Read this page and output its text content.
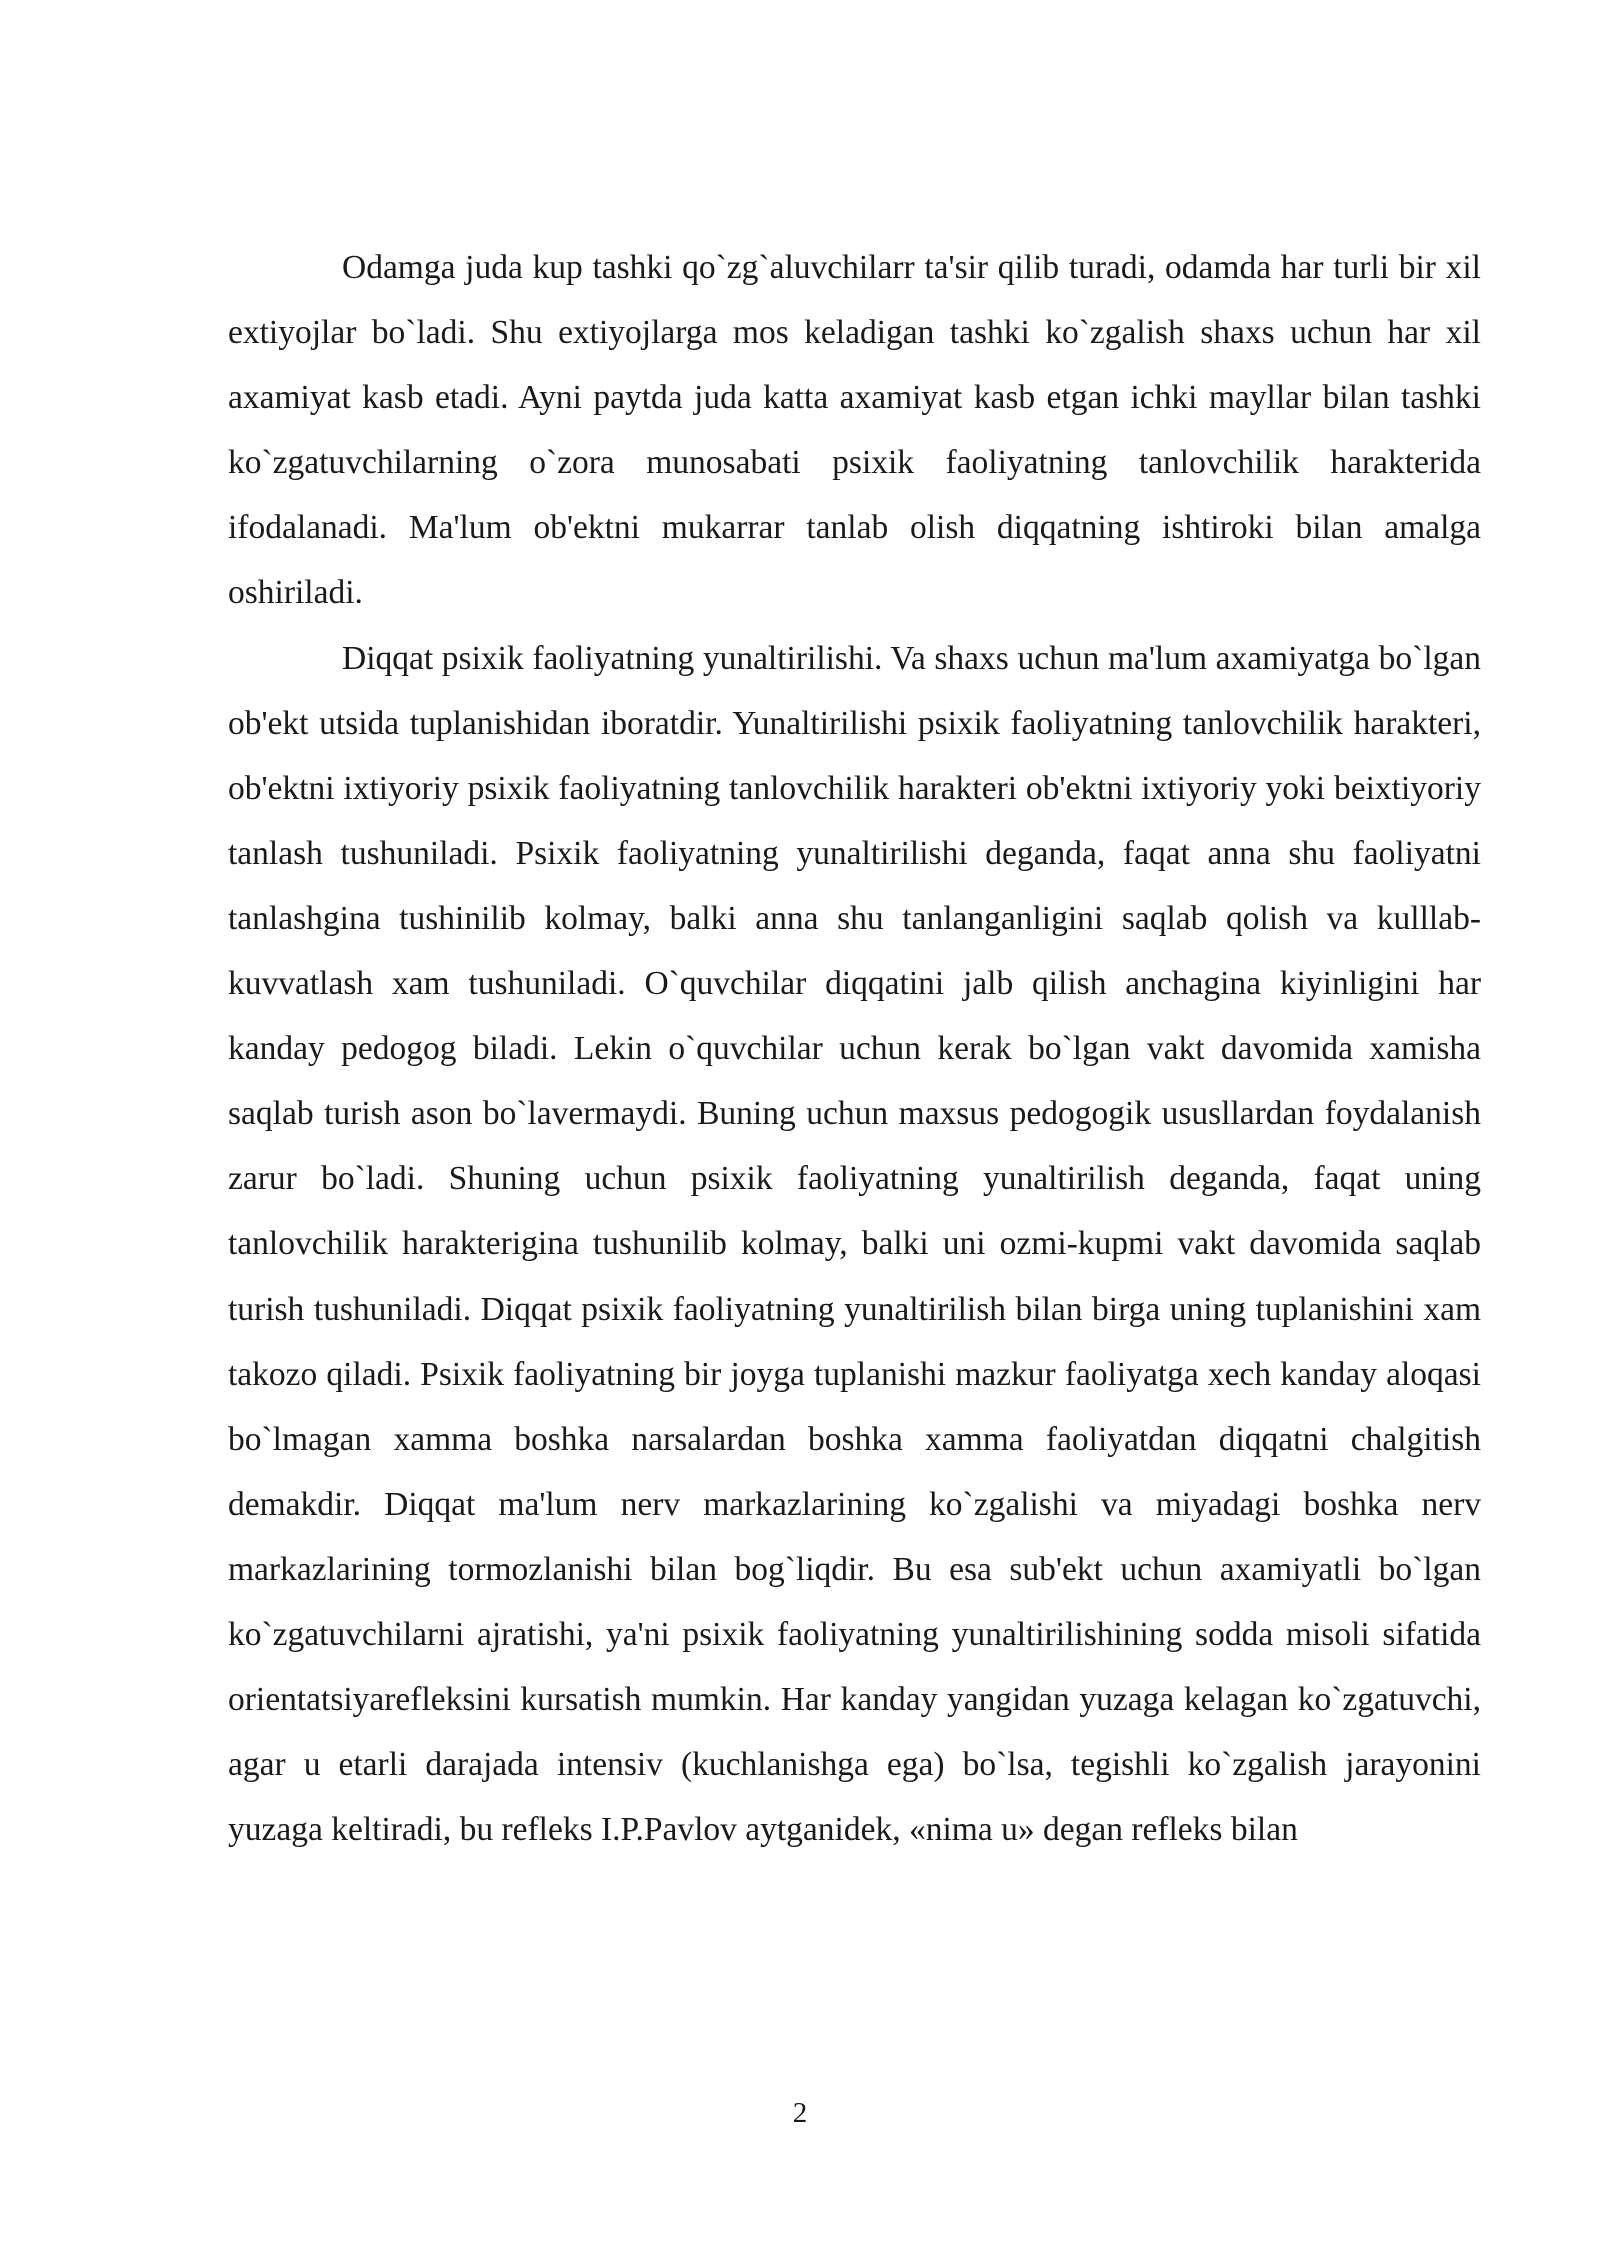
Odamga juda kup tashki qo`zg`aluvchilarr ta'sir qilib turadi, odamda har turli bir xil extiyojlar bo`ladi. Shu extiyojlarga mos keladigan tashki ko`zgalish shaxs uchun har xil axamiyat kasb etadi. Ayni paytda juda katta axamiyat kasb etgan ichki mayllar bilan tashki ko`zgatuvchilarning o`zora munosabati psixik faoliyatning tanlovchilik harakterida ifodalanadi. Ma'lum ob'ektni mukarrar tanlab olish diqqatning ishtiroki bilan amalga oshiriladi.

Diqqat psixik faoliyatning yunaltirilishi. Va shaxs uchun ma'lum axamiyatga bo`lgan ob'ekt utsida tuplanishidan iboratdir. Yunaltirilishi psixik faoliyatning tanlovchilik harakteri, ob'ektni ixtiyoriy psixik faoliyatning tanlovchilik harakteri ob'ektni ixtiyoriy yoki beixtiyoriy tanlash tushuniladi. Psixik faoliyatning yunaltirilishi deganda, faqat anna shu faoliyatni tanlashgina tushinilib kolmay, balki anna shu tanlanganligini saqlab qolish va kulllab-kuvvatlash xam tushuniladi. O`quvchilar diqqatini jalb qilish anchagina kiyinligini har kanday pedogog biladi. Lekin o`quvchilar uchun kerak bo`lgan vakt davomida xamisha saqlab turish ason bo`lavermaydi. Buning uchun maxsus pedogogik ususllardan foydalanish zarur bo`ladi. Shuning uchun psixik faoliyatning yunaltirilish deganda, faqat uning tanlovchilik harakterigina tushunilib kolmay, balki uni ozmi-kupmi vakt davomida saqlab turish tushuniladi. Diqqat psixik faoliyatning yunaltirilish bilan birga uning tuplanishini xam takozo qiladi. Psixik faoliyatning bir joyga tuplanishi mazkur faoliyatga xech kanday aloqasi bo`lmagan xamma boshka narsalardan boshka xamma faoliyatdan diqqatni chalgitish demakdir. Diqqat ma'lum nerv markazlarining ko`zgalishi va miyadagi boshka nerv markazlarining tormozlanishi bilan bog`liqdir. Bu esa sub'ekt uchun axamiyatli bo`lgan ko`zgatuvchilarni ajratishi, ya'ni psixik faoliyatning yunaltirilishining sodda misoli sifatida orientatsiyarefleksini kursatish mumkin. Har kanday yangidan yuzaga kelagan ko`zgatuvchi, agar u etarli darajada intensiv (kuchlanishga ega) bo`lsa, tegishli ko`zgalish jarayonini yuzaga keltiradi, bu refleks I.P.Pavlov aytganidek, «nima u» degan refleks bilan

2
